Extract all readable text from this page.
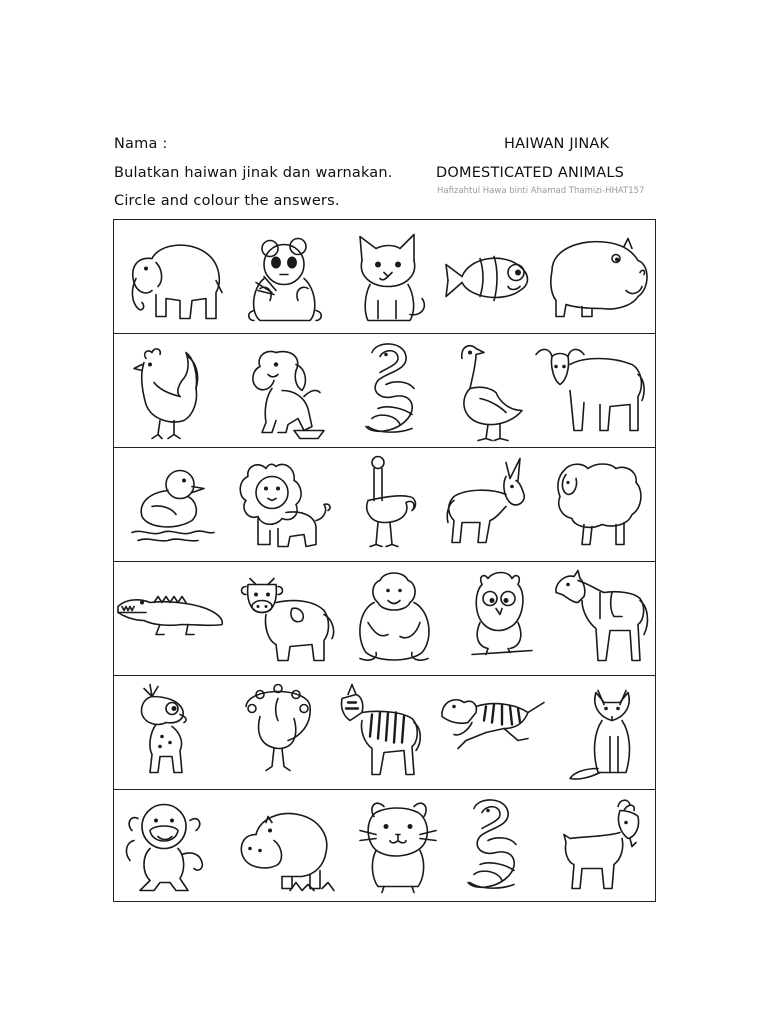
Nama :
Bulatkan haiwan jinak dan warnakan.
Circle and colour the answers.
HAIWAN JINAK
DOMESTICATED ANIMALS
Hafizahtul Hawa binti Ahamad Thamizi-HHAT157
